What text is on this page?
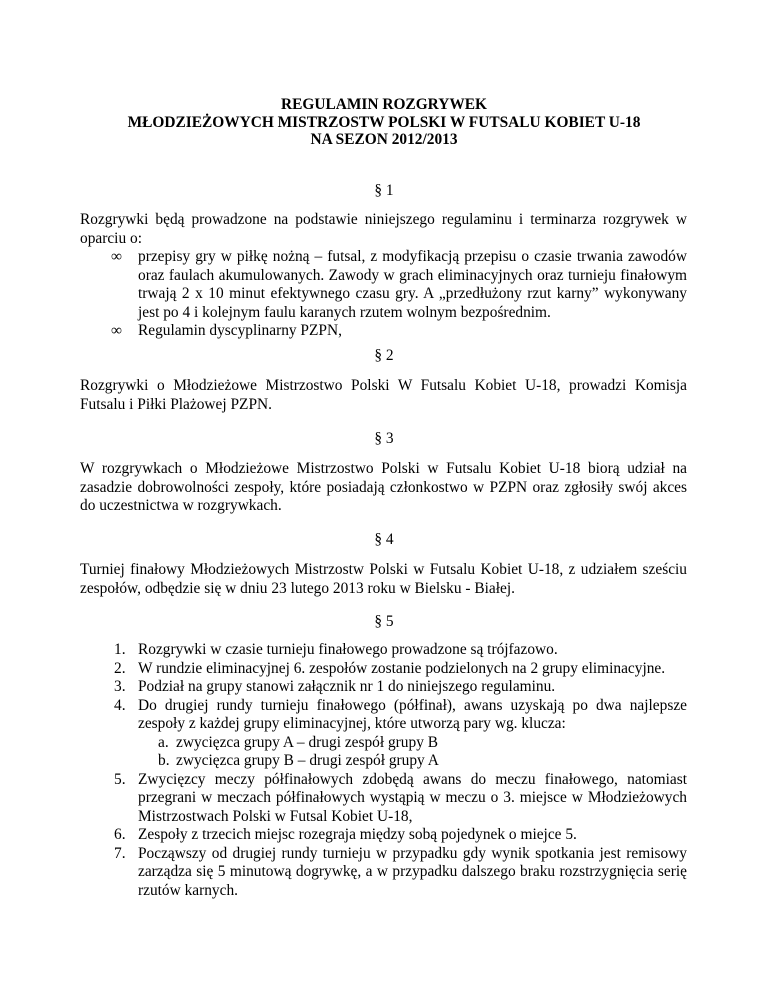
REGULAMIN ROZGRYWEK
MŁODZIEŻOWYCH MISTRZOSTW POLSKI W FUTSALU KOBIET U-18
NA SEZON 2012/2013
§ 1

Rozgrywki będą prowadzone na podstawie niniejszego regulaminu i terminarza rozgrywek w oparciu o:

∞ przepisy gry w piłkę nożną – futsal, z modyfikacją przepisu o czasie trwania zawodów oraz faulach akumulowanych. Zawody w grach eliminacyjnych oraz turnieju finałowym trwają 2 x 10 minut efektywnego czasu gry. A „przedłużony rzut karny” wykonywany jest po 4 i kolejnym faulu karanych rzutem wolnym bezpośrednim.
∞ Regulamin dyscyplinarny PZPN,
§ 2

Rozgrywki o Młodzieżowe Mistrzostwo Polski W Futsalu Kobiet U-18, prowadzi Komisja Futsalu i Piłki Plażowej PZPN.

§ 3

W rozgrywkach o Młodzieżowe Mistrzostwo Polski w Futsalu Kobiet U-18 biorą udział na zasadzie dobrowolności zespoły, które posiadają członkostwo w PZPN oraz zgłosiły swój akces do uczestnictwa w rozgrywkach.

§ 4

Turniej finałowy Młodzieżowych Mistrzostw Polski w Futsalu Kobiet U-18, z udziałem sześciu zespołów, odbędzie się w dniu 23 lutego 2013 roku w Bielsku - Białej.

§ 5
1. Rozgrywki w czasie turnieju finałowego prowadzone są trójfazowo.
2. W rundzie eliminacyjnej 6. zespołów zostanie podzielonych na 2 grupy eliminacyjne.
3. Podział na grupy stanowi załącznik nr 1 do niniejszego regulaminu.
4. Do drugiej rundy turnieju finałowego (półfinał), awans uzyskają po dwa najlepsze zespoły z każdej grupy eliminacyjnej, które utworzą pary wg. klucza:
a. zwycięzca grupy A – drugi zespół grupy B
b. zwycięzca grupy B – drugi zespół grupy A
5. Zwycięzcy meczy półfinałowych zdobędą awans do meczu finałowego, natomiast przegrani w meczach półfinałowych wystąpią w meczu o 3. miejsce w Młodzieżowych Mistrzostwach Polski w Futsal Kobiet U-18,
6. Zespoły z trzecich miejsc rozegraja między sobą pojedynek o miejce 5.
7. Począwszy od drugiej rundy turnieju w przypadku gdy wynik spotkania jest remisowy zarządza się 5 minutową dogrywkę, a w przypadku dalszego braku rozstrzygnięcia serię rzutów karnych.
